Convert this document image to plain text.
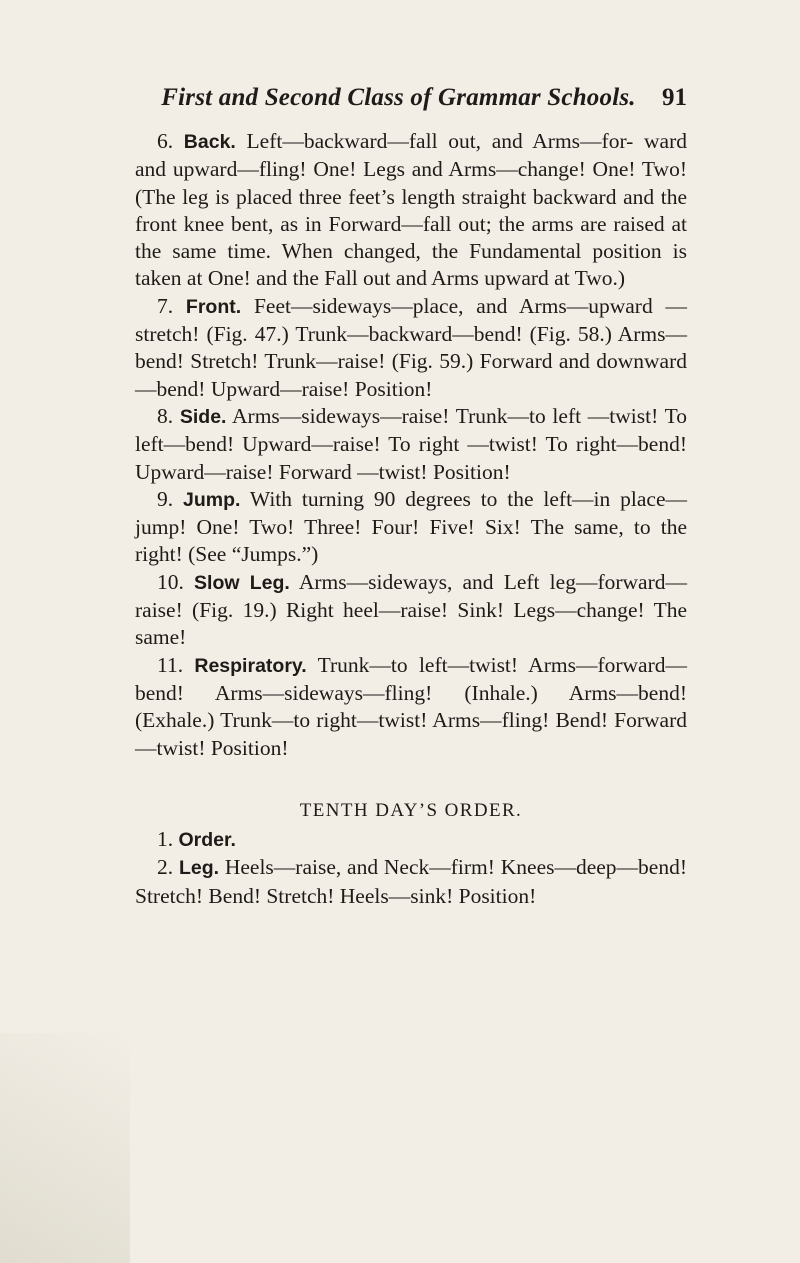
First and Second Class of Grammar Schools.	91

6. Back. Left—backward—fall out, and Arms—for- ward and upward—fling! One! Legs and Arms—change! One! Two! (The leg is placed three feet’s length straight backward and the front knee bent, as in Forward—fall out; the arms are raised at the same time. When changed, the Fundamental position is taken at One! and the Fall out and Arms upward at Two.)

7. Front. Feet—sideways—place, and Arms—upward —stretch! (Fig. 47.) Trunk—backward—bend! (Fig. 58.) Arms—bend! Stretch! Trunk—raise! (Fig. 59.) Forward and downward—bend! Upward—raise! Position!

8. Side. Arms—sideways—raise! Trunk—to left —twist! To left—bend! Upward—raise! To right —twist! To right—bend! Upward—raise! Forward —twist! Position!

9. Jump. With turning 90 degrees to the left—in place—jump! One! Two! Three! Four! Five! Six! The same, to the right! (See “Jumps.”)

10. Slow Leg. Arms—sideways, and Left leg—forward—raise! (Fig. 19.) Right heel—raise! Sink! Legs—change! The same!

11. Respiratory. Trunk—to left—twist! Arms—forward—bend! Arms—sideways—fling! (Inhale.) Arms—bend! (Exhale.) Trunk—to right—twist! Arms—fling! Bend! Forward—twist! Position!

TENTH DAY’S ORDER.

1. Order.

2. Leg. Heels—raise, and Neck—firm! Knees—deep—bend! Stretch! Bend! Stretch! Heels—sink! Position!
